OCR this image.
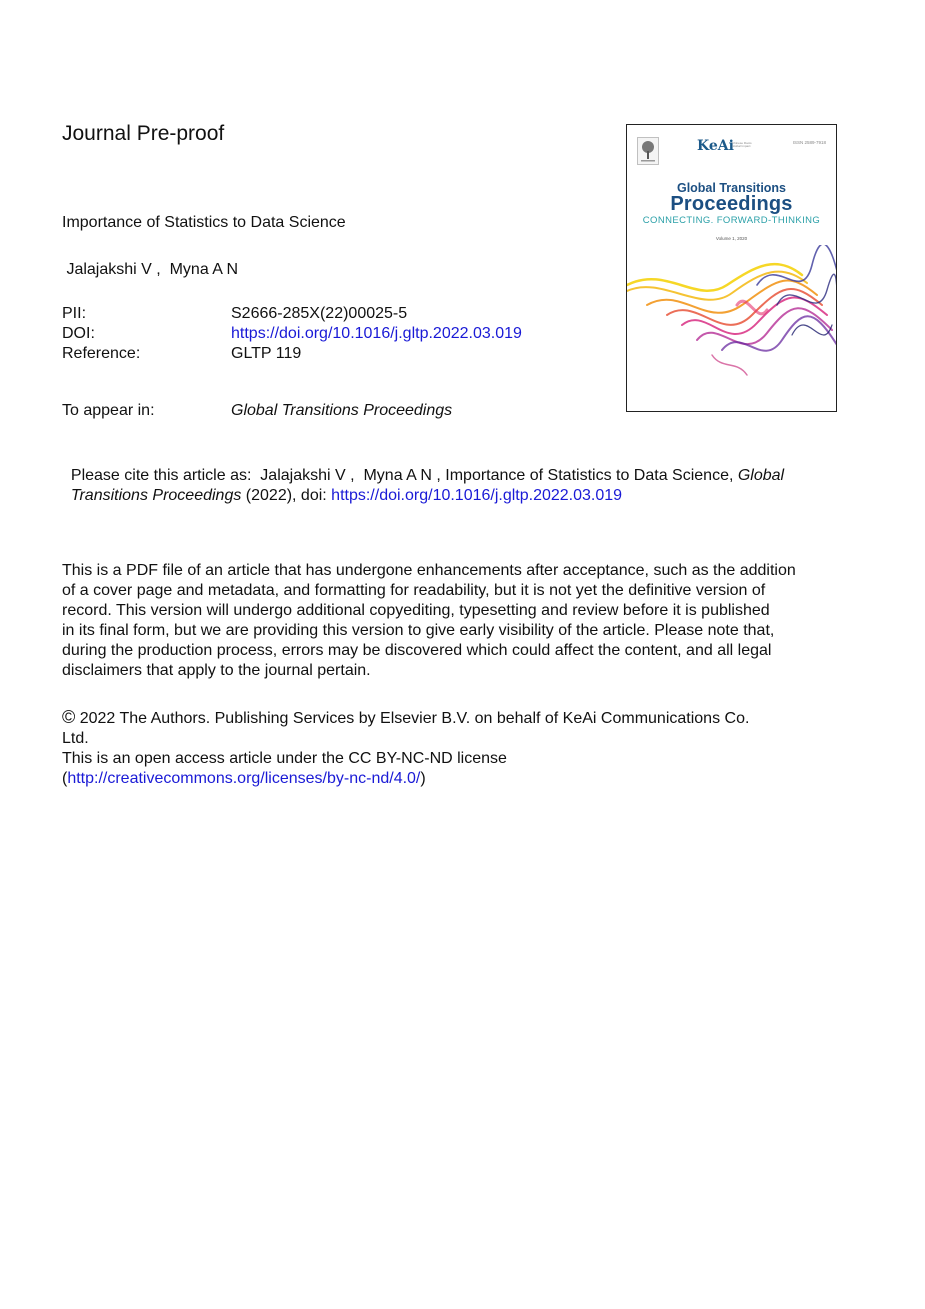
Journal Pre-proof
Importance of Statistics to Data Science
Jalajakshi V ,  Myna A N
PII:	S2666-285X(22)00025-5
DOI:	https://doi.org/10.1016/j.gltp.2022.03.019
Reference:	GLTP 119
To appear in:	Global Transitions Proceedings

Please cite this article as:  Jalajakshi V ,  Myna A N , Importance of Statistics to Data Science, Global

Transitions Proceedings (2022), doi: https://doi.org/10.1016/j.gltp.2022.03.019

This is a PDF file of an article that has undergone enhancements after acceptance, such as the addition
of a cover page and metadata, and formatting for readability, but it is not yet the definitive version of
record. This version will undergo additional copyediting, typesetting and review before it is published
in its final form, but we are providing this version to give early visibility of the article. Please note that,
during the production process, errors may be discovered which could affect the content, and all legal
disclaimers that apply to the journal pertain.
© 2022 The Authors. Publishing Services by Elsevier B.V. on behalf of KeAi Communications Co.
Ltd.
This is an open access article under the CC BY-NC-ND license
(http://creativecommons.org/licenses/by-nc-nd/4.0/)
KeAi
Chinese Roots Global Impact
ISSN 2589-7918
Global Transitions
Proceedings
CONNECTING. FORWARD-THINKING
Volume 1, 2020
